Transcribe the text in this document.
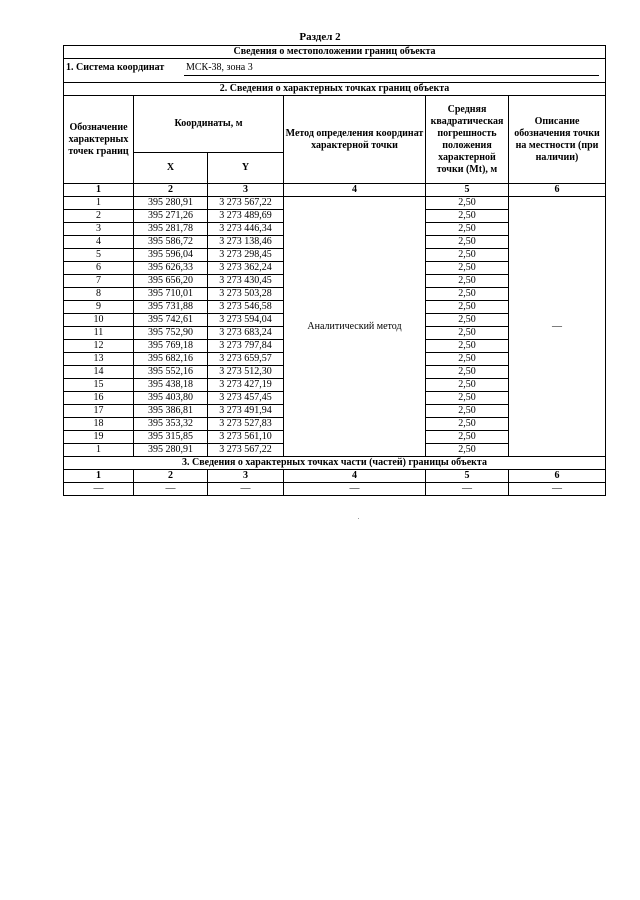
Раздел 2
Сведения о местоположении границ объекта					

1. Система координат МСК-38, зона 3					

2. Сведения о характерных точках границ объекта					
Обозначение характерных точек границ	Координаты, м		Метод определения координат характерной точки	Средняя квадратическая погрешность положения характерной точки (Mt), м	Описание обозначения точки на местности (при наличии)
	X	Y			
1	2	3	4	5	6
1	395 280,91	3 273 567,22	Аналитический метод	2,50	—
2	395 271,26	3 273 489,69		2,50	
3	395 281,78	3 273 446,34		2,50	
4	395 586,72	3 273 138,46		2,50	
5	395 596,04	3 273 298,45		2,50	
6	395 626,33	3 273 362,24		2,50	
7	395 656,20	3 273 430,45		2,50	
8	395 710,01	3 273 503,28		2,50	
9	395 731,88	3 273 546,58		2,50	
10	395 742,61	3 273 594,04		2,50	
11	395 752,90	3 273 683,24		2,50	
12	395 769,18	3 273 797,84		2,50	
13	395 682,16	3 273 659,57		2,50	
14	395 552,16	3 273 512,30		2,50	
15	395 438,18	3 273 427,19		2,50	
16	395 403,80	3 273 457,45		2,50	
17	395 386,81	3 273 491,94		2,50	
18	395 353,32	3 273 527,83		2,50	
19	395 315,85	3 273 561,10		2,50	
1	395 280,91	3 273 567,22		2,50	
3. Сведения о характерных точках части (частей) границы объекта					
1	2	3	4	5	6
—	—	—	—	—	—
